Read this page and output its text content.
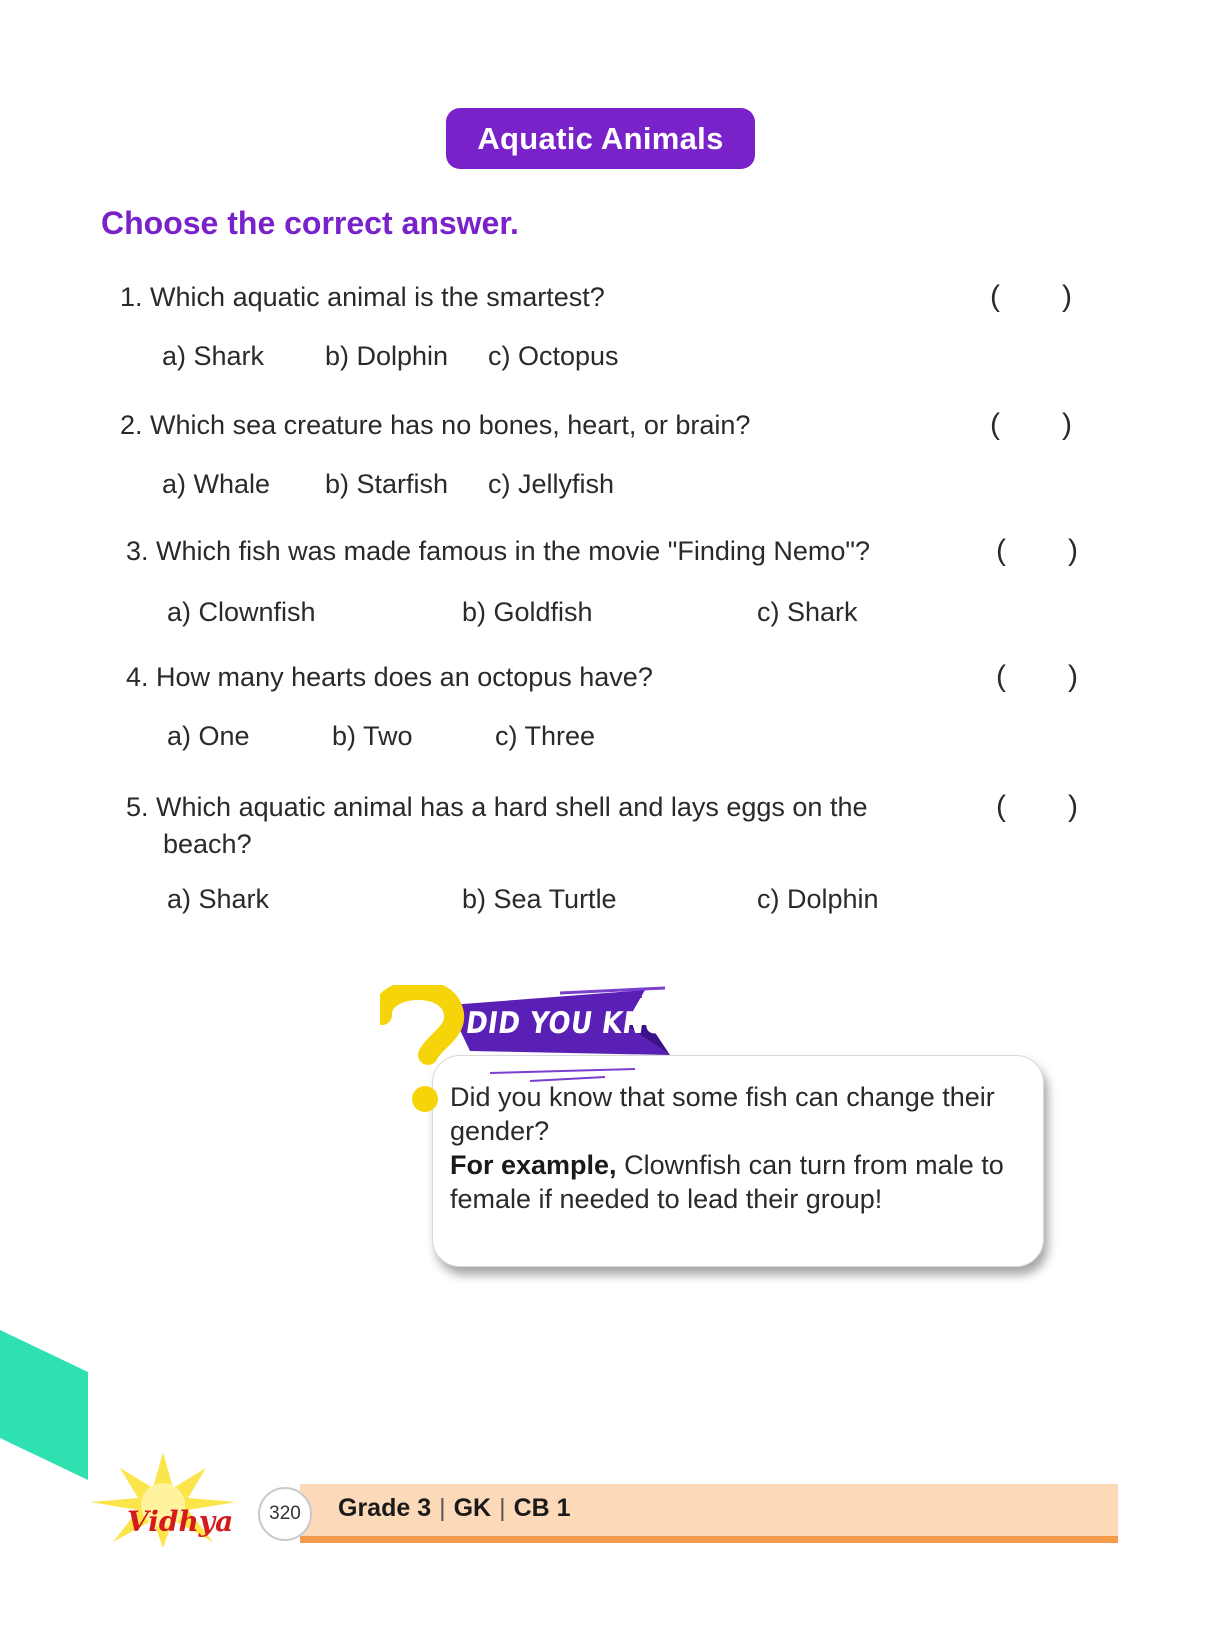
Aquatic Animals
Choose the correct answer.
1. Which aquatic animal is the smartest?	( )
a) Shark b) Dolphin c) Octopus
2. Which sea creature has no bones, heart, or brain?	( )
a) Whale b) Starfish c) Jellyfish
3. Which fish was made famous in the movie "Finding Nemo"?	( )
a) Clownfish	b) Goldfish	c) Shark
4. How many hearts does an octopus have?	( )
a) One	b) Two	c) Three
5. Which aquatic animal has a hard shell and lays eggs on the
beach?
( )
a) Shark	b) Sea Turtle	c) Dolphin
DID YOU KNOW?
Did you know that some fish can change their gender?
For example, Clownfish can turn from male to female if needed to lead their group!
Vidhya	320	Grade 3 | GK | CB 1
